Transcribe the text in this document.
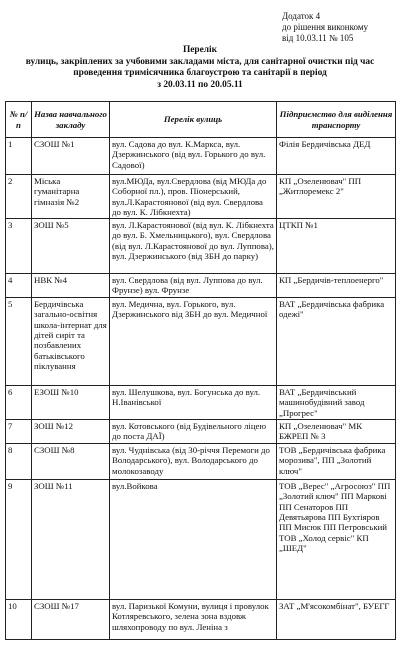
Додаток 4
до рішення виконкому
від 10.03.11 № 105
Перелік
вулиць, закріплених за учбовими закладами міста, для санітарної очистки під час
проведення тримісячника благоустрою та санітарії в період
з 20.03.11 по 20.05.11
№ п/п	Назва навчального закладу	Перелік вулиць	Підприємство для виділення транспорту
1	СЗОШ №1	вул. Садова до вул. К.Маркса, вул. Дзержинського (від вул. Горького до вул. Садової)	Філія Бердичівська ДЕД
2	Міська гуманітарна гімназія №2	вул.МЮДа, вул.Свердлова (від МЮДа до Соборної пл.), пров. Піонерський, вул.Л.Карастоянової (від вул. Свердлова до вул. К. Лібкнехта)	КП „Озеленювач" ПП „Житлоремекс 2"
3	ЗОШ №5	вул. Л.Карастоянової (від вул. К. Лібкнехта до вул. Б. Хмельницького), вул. Свердлова (від вул. Л.Карастоянової до вул. Луппова), вул. Дзержинського (від ЗБН до парку)	ЦТКП №1
4	НВК №4	вул. Свердлова (від вул. Луппова до вул. Фрунзе) вул. Фрунзе	КП „Бердичів-теплоенерго"
5	Бердичівська загально-освітня школа-інтернат для дітей сиріт та позбавлених батьківського піклування	вул. Медична, вул. Горького, вул. Дзержинського від ЗБН до вул. Медичної	ВАТ „Бердичівська фабрика одежі"
6	ЕЗОШ №10	вул. Шелушкова, вул. Богунська до вул. Н.Іванівської	ВАТ „Бердичівський машинобудівний завод „Прогрес"
7	ЗОШ №12	вул. Котовського (від Будівельного ліцею до поста ДАЇ)	КП „Озеленювач" МК БЖРЕП № 3
8	СЗОШ №8	вул. Чуднівська (від 30-річчя Перемоги до Володарського), вул. Володарського до молокозаводу	ТОВ „Бердичівська фабрика морозива", ПП „Золотий ключ"
9	ЗОШ №11	вул.Войкова	ТОВ „Верес" „Агросоюз" ПП „Золотий ключ" ПП Маркові ПП Сенаторов ПП Девятьярова ПП Бухтіяров ПП Мисюк ПП Петровський ТОВ „Холод сервіс" КП „ШЕД"
10	СЗОШ №17	вул. Паризької Комуни, вулиця і провулок Котляревського, зелена зона вздовж шляхопроводу по вул. Леніна з	ЗАТ „М'ясокомбінат", БУЕГГ
